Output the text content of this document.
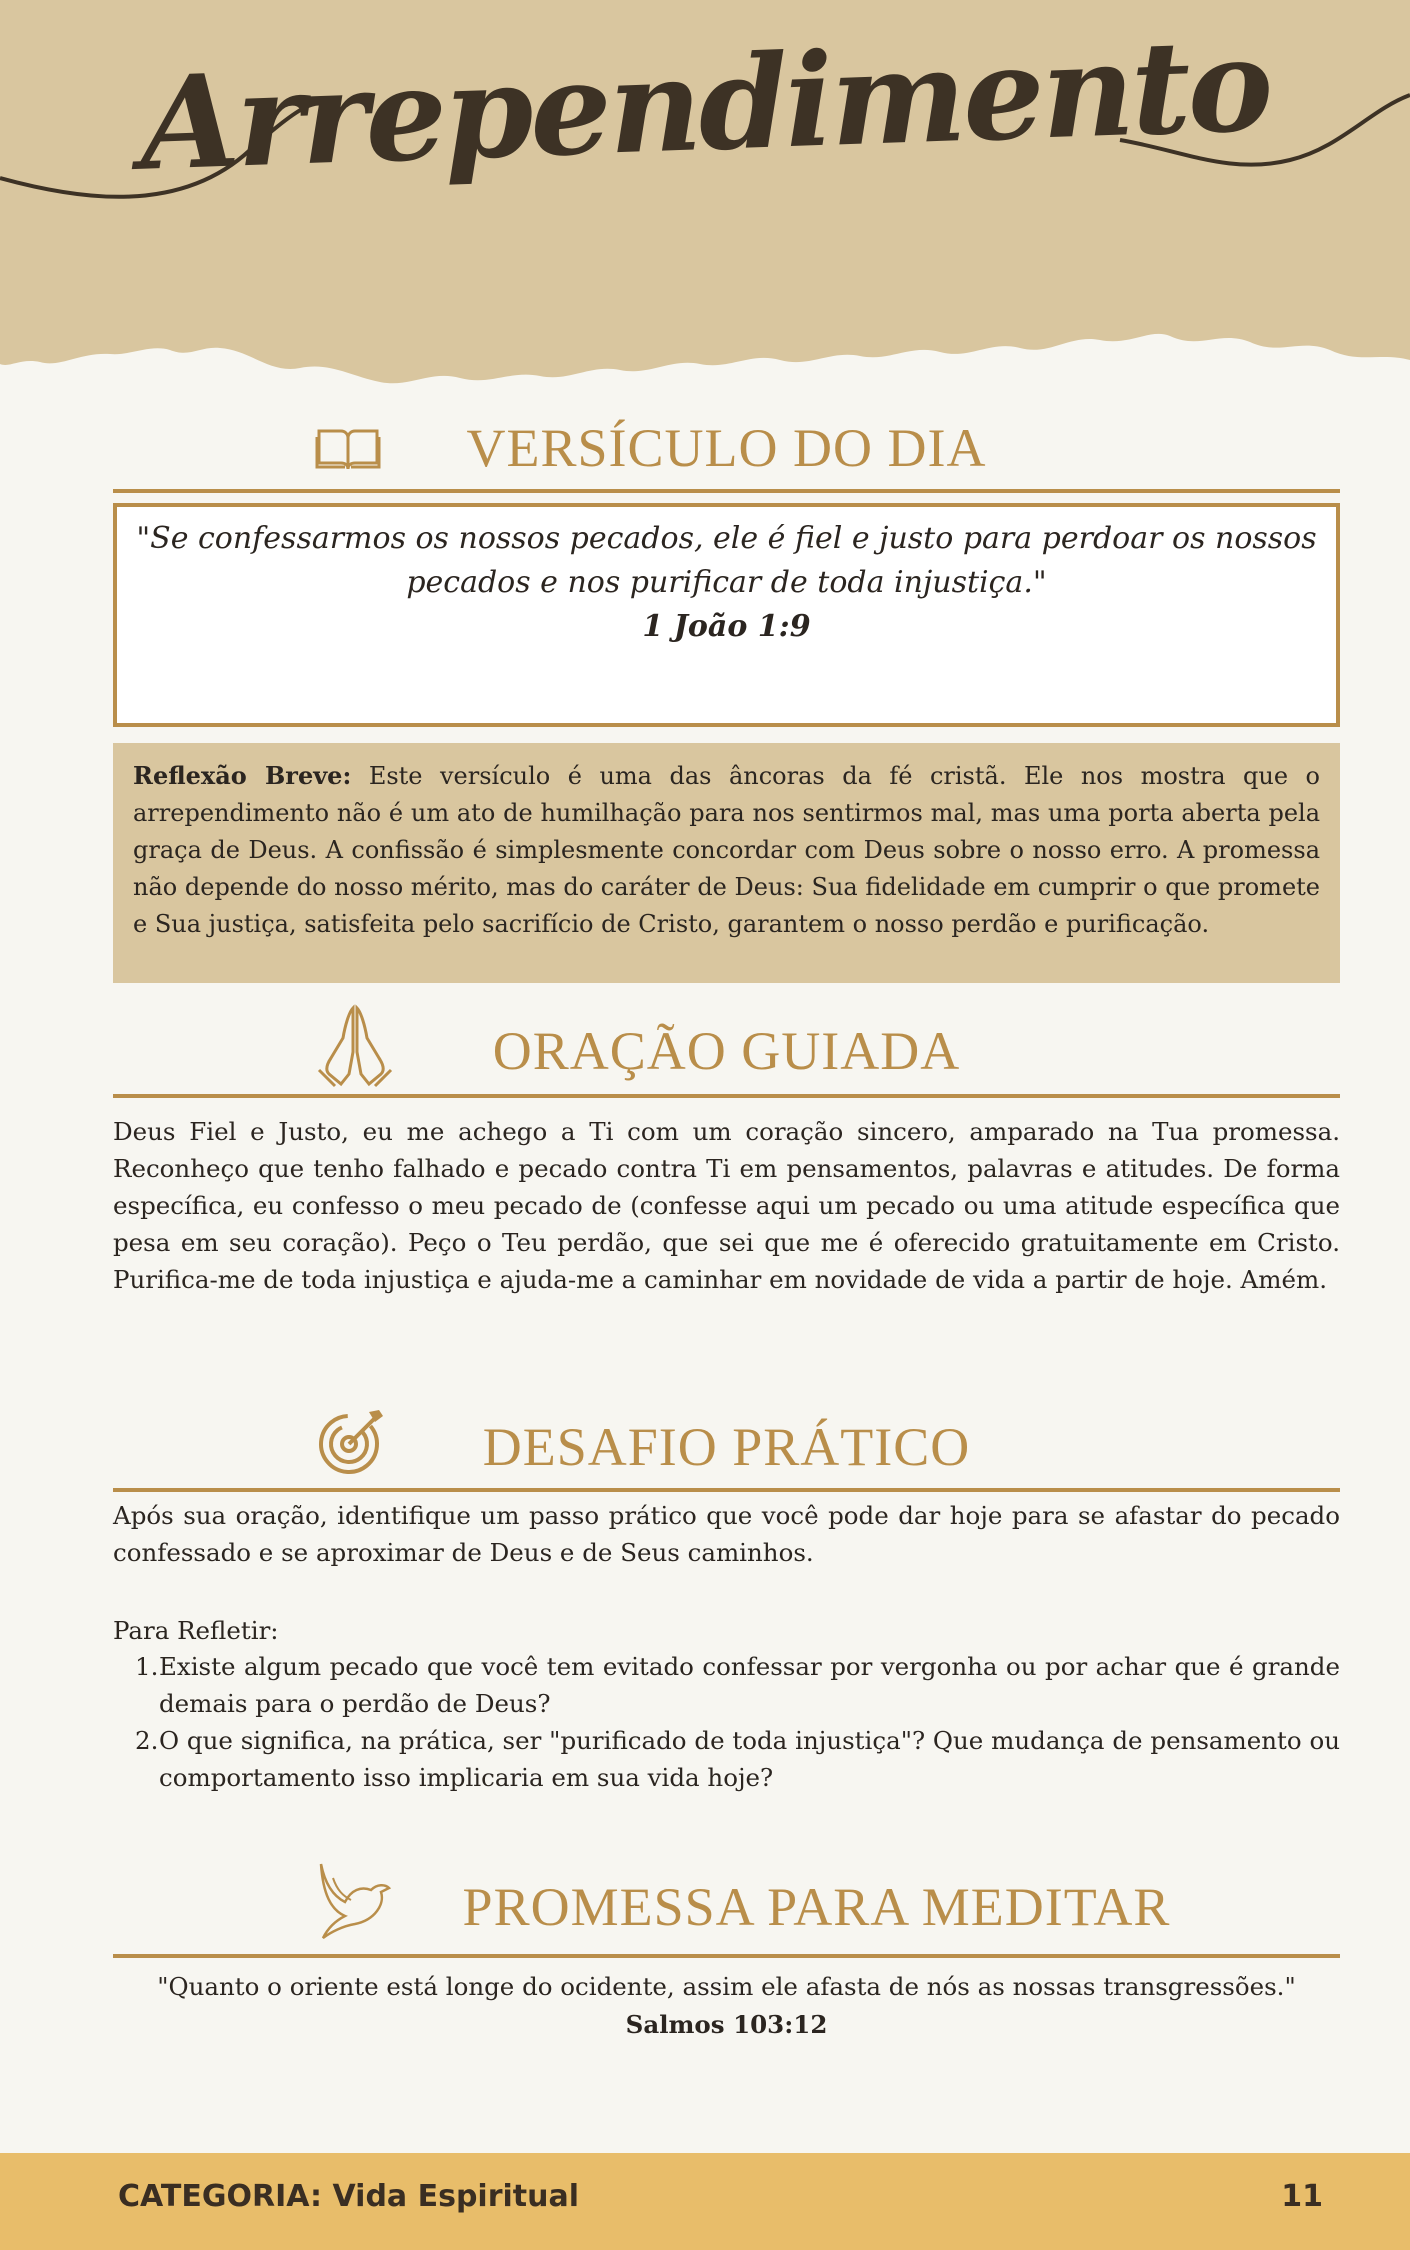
Arrependimento
VERSÍCULO DO DIA
"Se confessarmos os nossos pecados, ele é fiel e justo para perdoar os nossos pecados e nos purificar de toda injustiça."
1 João 1:9
Reflexão Breve: Este versículo é uma das âncoras da fé cristã. Ele nos mostra que o arrependimento não é um ato de humilhação para nos sentirmos mal, mas uma porta aberta pela graça de Deus. A confissão é simplesmente concordar com Deus sobre o nosso erro. A promessa não depende do nosso mérito, mas do caráter de Deus: Sua fidelidade em cumprir o que promete e Sua justiça, satisfeita pelo sacrifício de Cristo, garantem o nosso perdão e purificação.
ORAÇÃO GUIADA
Deus Fiel e Justo, eu me achego a Ti com um coração sincero, amparado na Tua promessa. Reconheço que tenho falhado e pecado contra Ti em pensamentos, palavras e atitudes. De forma específica, eu confesso o meu pecado de (confesse aqui um pecado ou uma atitude específica que pesa em seu coração). Peço o Teu perdão, que sei que me é oferecido gratuitamente em Cristo. Purifica-me de toda injustiça e ajuda-me a caminhar em novidade de vida a partir de hoje. Amém.
DESAFIO PRÁTICO
Após sua oração, identifique um passo prático que você pode dar hoje para se afastar do pecado confessado e se aproximar de Deus e de Seus caminhos.
Para Refletir:
1. Existe algum pecado que você tem evitado confessar por vergonha ou por achar que é grande demais para o perdão de Deus?
2. O que significa, na prática, ser "purificado de toda injustiça"? Que mudança de pensamento ou comportamento isso implicaria em sua vida hoje?
PROMESSA PARA MEDITAR
"Quanto o oriente está longe do ocidente, assim ele afasta de nós as nossas transgressões."
Salmos 103:12
CATEGORIA: Vida Espiritual	11
